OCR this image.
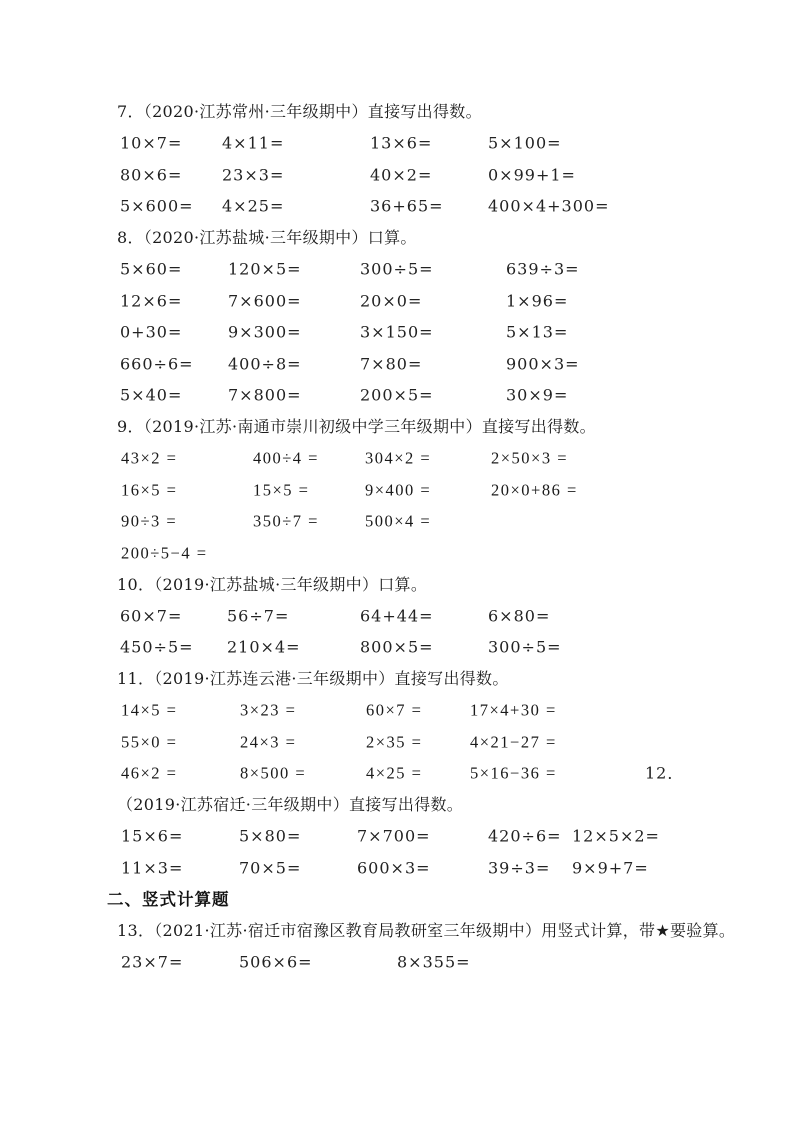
7．（2020·江苏常州·三年级期中）直接写出得数。
10×7= 4×11=	13×6=	5×100=
80×6= 23×3=	40×2=	0×99+1=
5×600= 4×25=	36+65=	400×4+300=
8．（2020·江苏盐城·三年级期中）口算。
5×60=	120×5=	300÷5=	639÷3=
12×6=	7×600=	20×0=	1×96=
0+30=	9×300=	3×150=	5×13=
660÷6= 400÷8=	7×80=	900×3=
5×40=	7×800=	200×5=	30×9=
9．（2019·江苏·南通市崇川初级中学三年级期中）直接写出得数。
43×2 =	400÷4 =	304×2 =	2×50×3 =
16×5 =	15×5 =	9×400 =	20×0+86 =
90÷3 =	350÷7 =	500×4 =
200÷5−4 =
10．（2019·江苏盐城·三年级期中）口算。
60×7=	56÷7=	64+44=	6×80=
450÷5= 210×4=	800×5=	300÷5=
11．（2019·江苏连云港·三年级期中）直接写出得数。
14×5 =	3×23 =	60×7 =	17×4+30 =
55×0 =	24×3 =	2×35 =	4×21−27 =
46×2 =	8×500 =	4×25 =	5×16−36 =	12．
（2019·江苏宿迁·三年级期中）直接写出得数。
15×6=	5×80=	7×700=	420÷6= 12×5×2=
11×3=	70×5=	600×3=	39÷3= 9×9+7=
二、竖式计算题
13．（2021·江苏·宿迁市宿豫区教育局教研室三年级期中）用竖式计算，带★要验算。
23×7=	506×6=	8×355=
